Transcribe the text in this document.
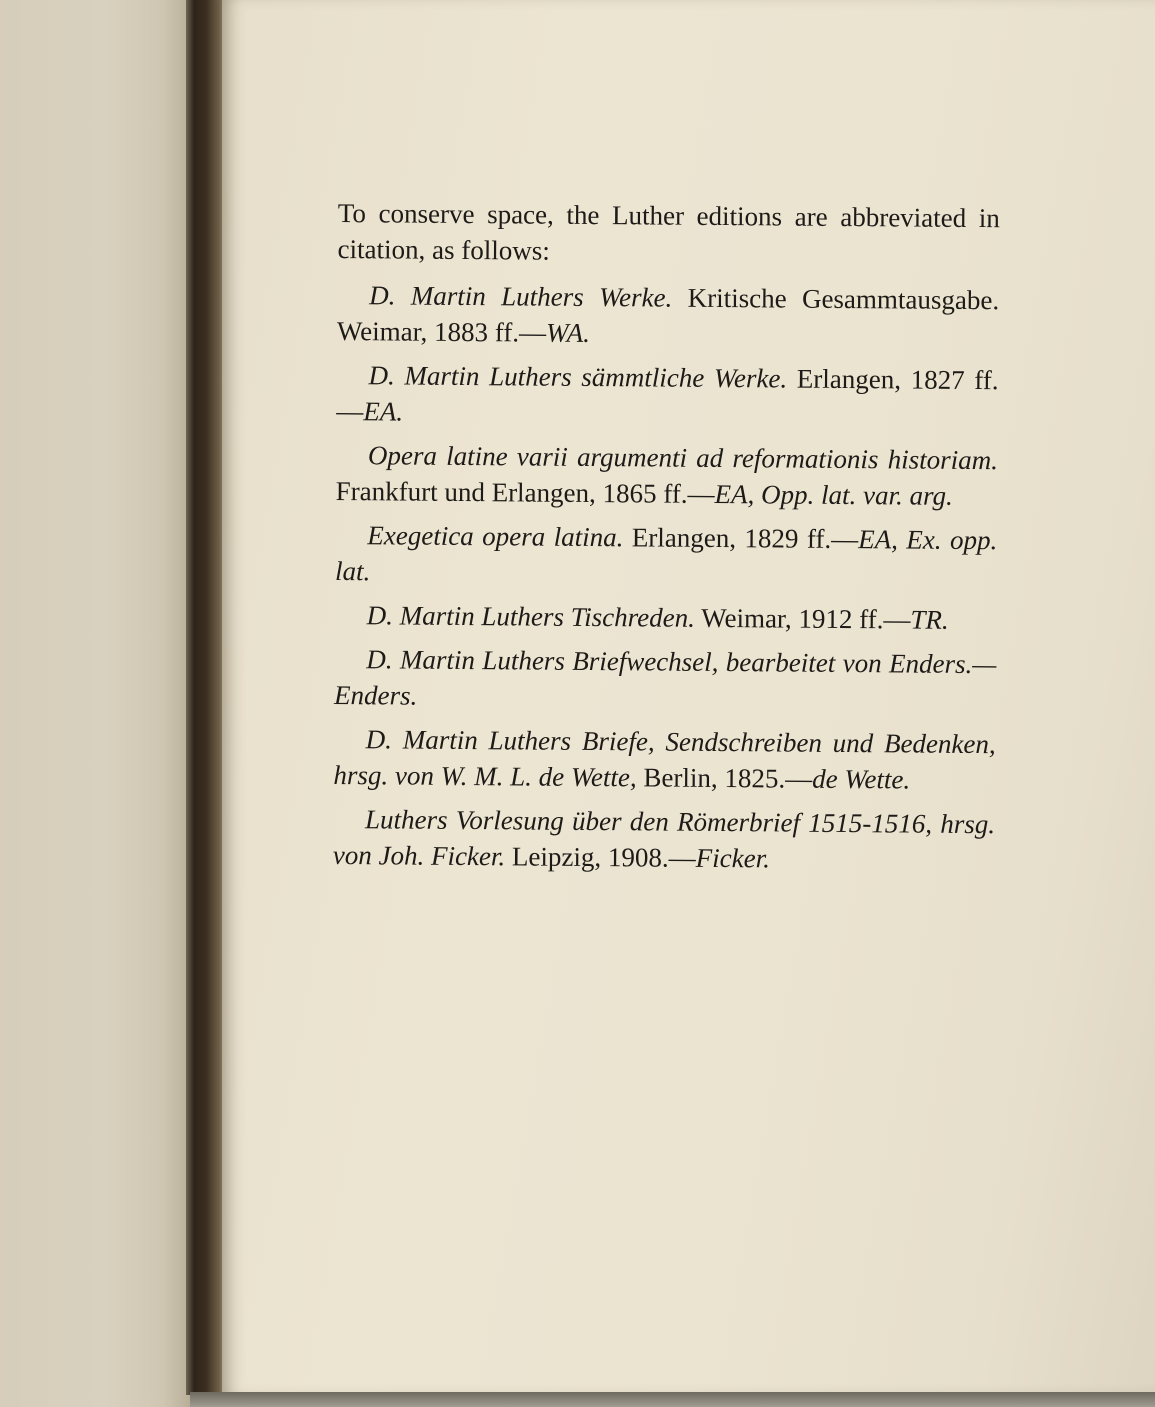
To conserve space, the Luther editions are abbreviated in citation, as follows:

D. Martin Luthers Werke. Kritische Gesammtausgabe. Weimar, 1883 ff.—WA.

D. Martin Luthers sämmtliche Werke. Erlangen, 1827 ff.—EA.

Opera latine varii argumenti ad reformationis historiam. Frankfurt und Erlangen, 1865 ff.—EA, Opp. lat. var. arg.

Exegetica opera latina. Erlangen, 1829 ff.—EA, Ex. opp. lat.

D. Martin Luthers Tischreden. Weimar, 1912 ff.—TR.

D. Martin Luthers Briefwechsel, bearbeitet von Enders.—Enders.

D. Martin Luthers Briefe, Sendschreiben und Bedenken, hrsg. von W. M. L. de Wette, Berlin, 1825.—de Wette.

Luthers Vorlesung über den Römerbrief 1515-1516, hrsg. von Joh. Ficker. Leipzig, 1908.—Ficker.
